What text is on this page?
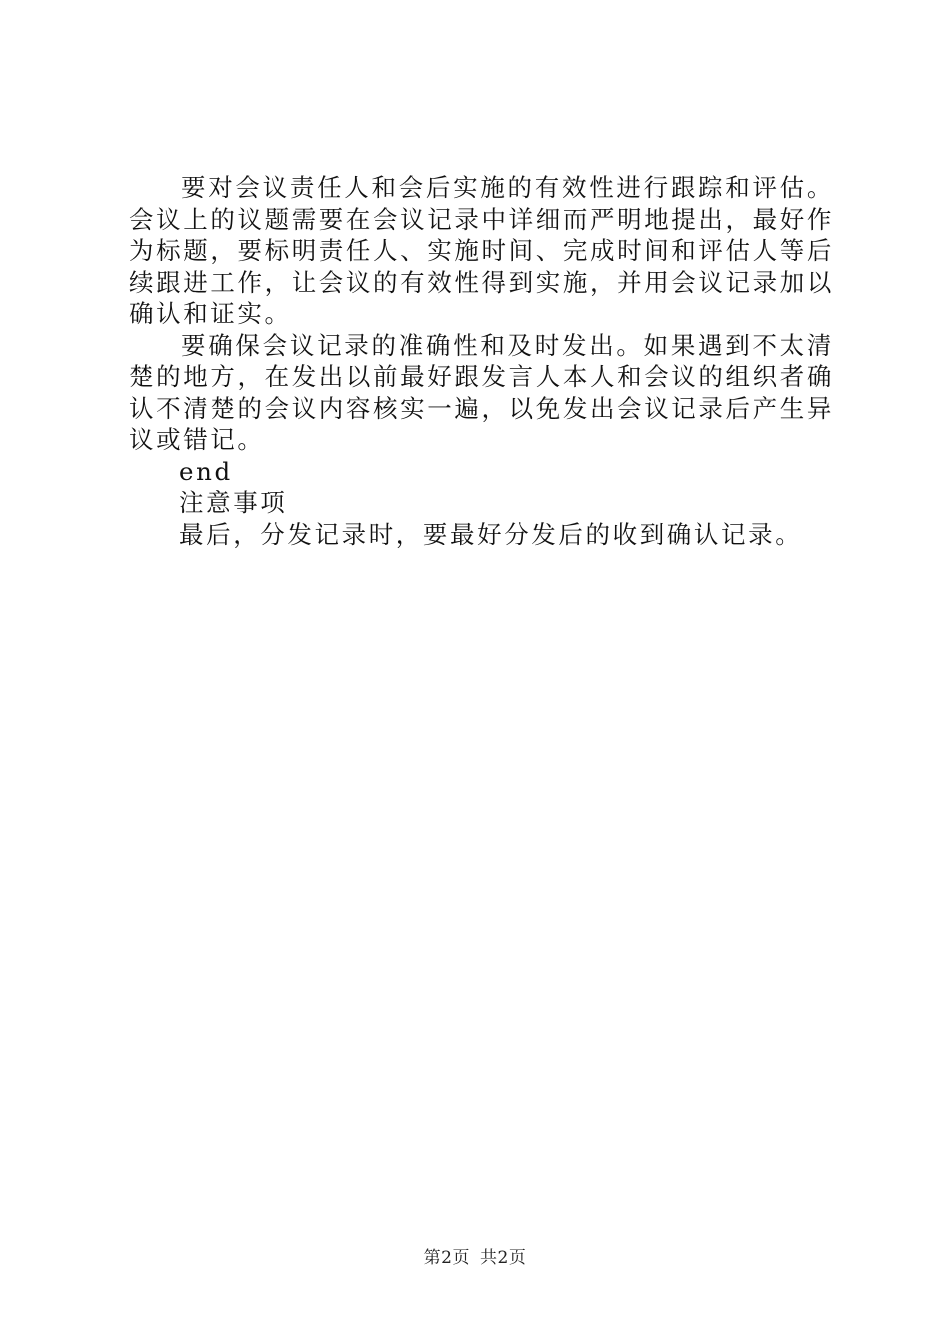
要对会议责任人和会后实施的有效性进行跟踪和评估。会议上的议题需要在会议记录中详细而严明地提出，最好作为标题，要标明责任人、实施时间、完成时间和评估人等后续跟进工作，让会议的有效性得到实施，并用会议记录加以确认和证实。

要确保会议记录的准确性和及时发出。如果遇到不太清楚的地方，在发出以前最好跟发言人本人和会议的组织者确认不清楚的会议内容核实一遍，以免发出会议记录后产生异议或错记。

end

注意事项

最后，分发记录时，要最好分发后的收到确认记录。

第2页 共2页
